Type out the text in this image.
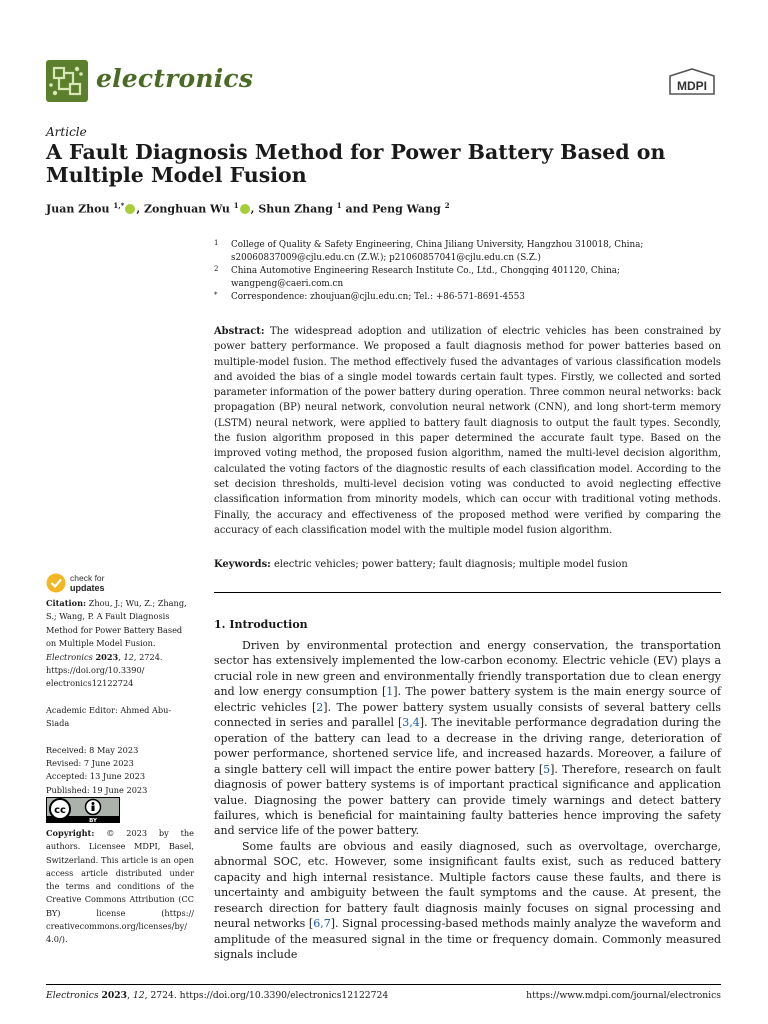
electronics	MDPI
Article
A Fault Diagnosis Method for Power Battery Based on Multiple Model Fusion
Juan Zhou $^{1,*}$ , Zonghuan Wu $^1$ , Shun Zhang $^1$ and Peng Wang $^2$
1 College of Quality & Safety Engineering, China Jiliang University, Hangzhou 310018, China; s20060837009@cjlu.edu.cn (Z.W.); p21060857041@cjlu.edu.cn (S.Z.)
2 China Automotive Engineering Research Institute Co., Ltd., Chongqing 401120, China; wangpeng@caeri.com.cn
* Correspondence: zhoujuan@cjlu.edu.cn; Tel.: +86-571-8691-4553

Abstract: The widespread adoption and utilization of electric vehicles has been constrained by power battery performance. We proposed a fault diagnosis method for power batteries based on multiple-model fusion. The method effectively fused the advantages of various classification models and avoided the bias of a single model towards certain fault types. Firstly, we collected and sorted parameter information of the power battery during operation. Three common neural networks: back propagation (BP) neural network, convolution neural network (CNN), and long short-term memory (LSTM) neural network, were applied to battery fault diagnosis to output the fault types. Secondly, the fusion algorithm proposed in this paper determined the accurate fault type. Based on the improved voting method, the proposed fusion algorithm, named the multi-level decision algorithm, calculated the voting factors of the diagnostic results of each classification model. According to the set decision thresholds, multi-level decision voting was conducted to avoid neglecting effective classification information from minority models, which can occur with traditional voting methods. Finally, the accuracy and effectiveness of the proposed method were verified by comparing the accuracy of each classification model with the multiple model fusion algorithm.

Keywords: electric vehicles; power battery; fault diagnosis; multiple model fusion

1. Introduction

Driven by environmental protection and energy conservation, the transportation sector has extensively implemented the low-carbon economy. Electric vehicle (EV) plays a crucial role in new green and environmentally friendly transportation due to clean energy and low energy consumption [1]. The power battery system is the main energy source of electric vehicles [2]. The power battery system usually consists of several battery cells connected in series and parallel [3,4]. The inevitable performance degradation during the operation of the battery can lead to a decrease in the driving range, deterioration of power performance, shortened service life, and increased hazards. Moreover, a failure of a single battery cell will impact the entire power battery [5]. Therefore, research on fault diagnosis of power battery systems is of important practical significance and application value. Diagnosing the power battery can provide timely warnings and detect battery failures, which is beneficial for maintaining faulty batteries hence improving the safety and service life of the power battery.

Some faults are obvious and easily diagnosed, such as overvoltage, overcharge, abnormal SOC, etc. However, some insignificant faults exist, such as reduced battery capacity and high internal resistance. Multiple factors cause these faults, and there is uncertainty and ambiguity between the fault symptoms and the cause. At present, the research direction for battery fault diagnosis mainly focuses on signal processing and neural networks [6,7]. Signal processing-based methods mainly analyze the waveform and amplitude of the measured signal in the time or frequency domain. Commonly measured signals include

check for
updates

Citation: Zhou, J.; Wu, Z.; Zhang, S.; Wang, P. A Fault Diagnosis Method for Power Battery Based on Multiple Model Fusion. Electronics 2023, 12, 2724. https://doi.org/10.3390/ electronics12122724

Academic Editor: Ahmed Abu-Siada

Received: 8 May 2023

Revised: 7 June 2023

Accepted: 13 June 2023

Published: 19 June 2023

cc
BY

Copyright: © 2023 by the authors. Licensee MDPI, Basel, Switzerland. This article is an open access article distributed under the terms and conditions of the Creative Commons Attribution (CC BY) license (https:// creativecommons.org/licenses/by/ 4.0/).

Electronics 2023, 12, 2724. https://doi.org/10.3390/electronics12122724	https://www.mdpi.com/journal/electronics
